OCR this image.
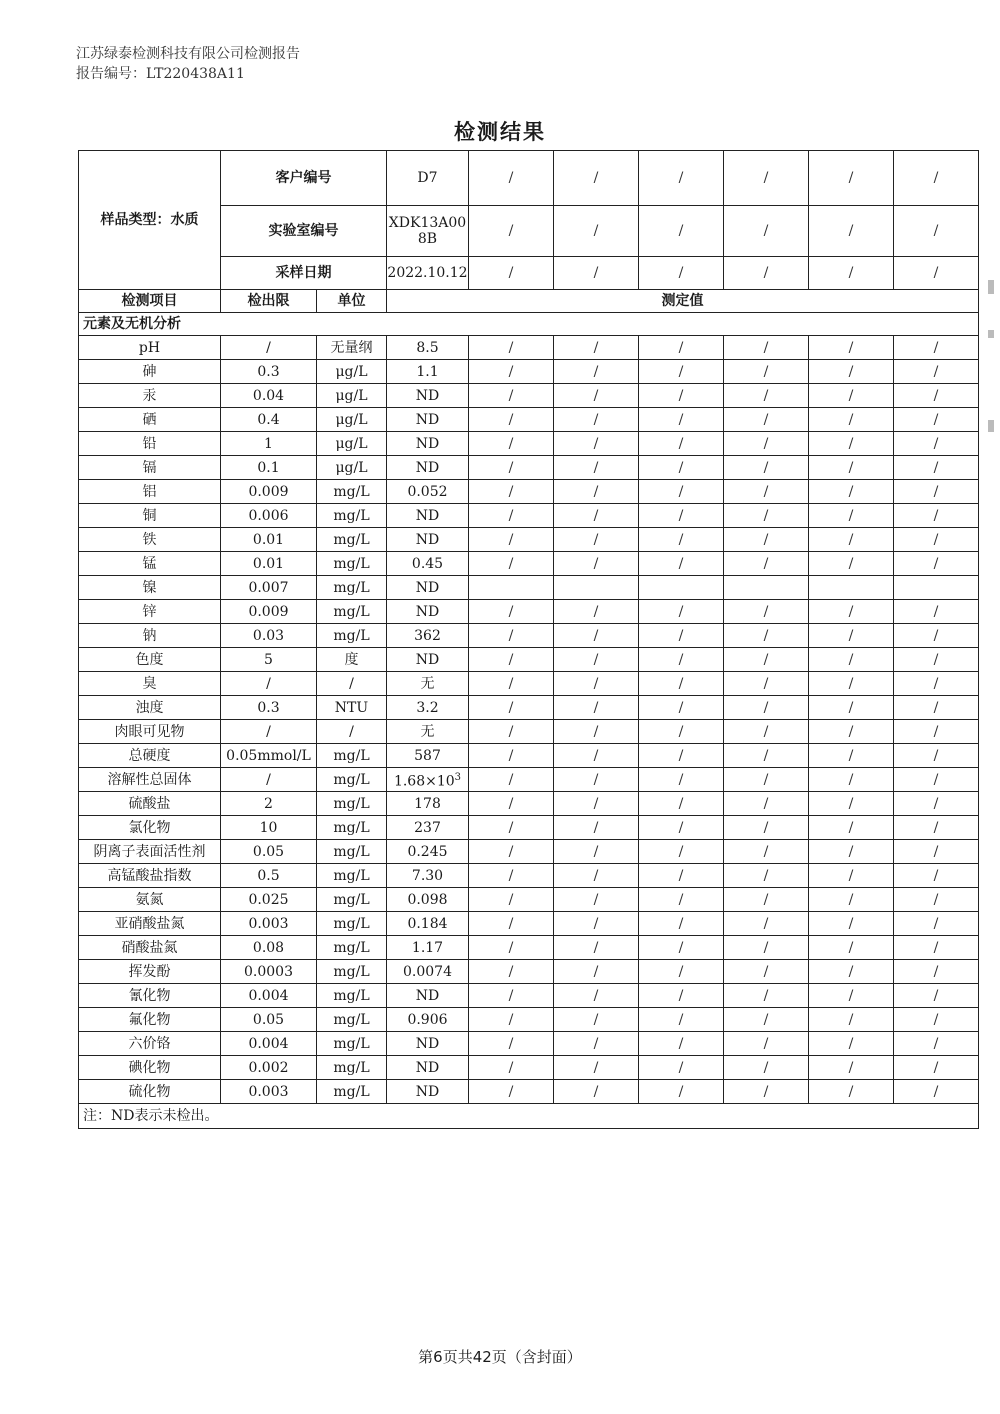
江苏绿泰检测科技有限公司检测报告
报告编号：LT220438A11
检测结果
样品类型：水质	客户编号		D7	/	/	/	/	/	/
	实验室编号		XDK13A008B	/	/	/	/	/	/
	采样日期		2022.10.12	/	/	/	/	/	/
检测项目	检出限	单位	测定值						
元素及无机分析									
pH	/	无量纲	8.5	/	/	/	/	/	/
砷	0.3	μg/L	1.1	/	/	/	/	/	/
汞	0.04	μg/L	ND	/	/	/	/	/	/
硒	0.4	μg/L	ND	/	/	/	/	/	/
铅	1	μg/L	ND	/	/	/	/	/	/
镉	0.1	μg/L	ND	/	/	/	/	/	/
铝	0.009	mg/L	0.052	/	/	/	/	/	/
铜	0.006	mg/L	ND	/	/	/	/	/	/
铁	0.01	mg/L	ND	/	/	/	/	/	/
锰	0.01	mg/L	0.45	/	/	/	/	/	/
镍	0.007	mg/L	ND						
锌	0.009	mg/L	ND	/	/	/	/	/	/
钠	0.03	mg/L	362	/	/	/	/	/	/
色度	5	度	ND	/	/	/	/	/	/
臭	/	/	无	/	/	/	/	/	/
浊度	0.3	NTU	3.2	/	/	/	/	/	/
肉眼可见物	/	/	无	/	/	/	/	/	/
总硬度	0.05mmol/L	mg/L	587	/	/	/	/	/	/
溶解性总固体	/	mg/L	$1.68\times 10^3$	/	/	/	/	/	/
硫酸盐	2	mg/L	178	/	/	/	/	/	/
氯化物	10	mg/L	237	/	/	/	/	/	/
阴离子表面活性剂	0.05	mg/L	0.245	/	/	/	/	/	/
高锰酸盐指数	0.5	mg/L	7.30	/	/	/	/	/	/
氨氮	0.025	mg/L	0.098	/	/	/	/	/	/
亚硝酸盐氮	0.003	mg/L	0.184	/	/	/	/	/	/
硝酸盐氮	0.08	mg/L	1.17	/	/	/	/	/	/
挥发酚	0.0003	mg/L	0.0074	/	/	/	/	/	/
氰化物	0.004	mg/L	ND	/	/	/	/	/	/
氟化物	0.05	mg/L	0.906	/	/	/	/	/	/
六价铬	0.004	mg/L	ND	/	/	/	/	/	/
碘化物	0.002	mg/L	ND	/	/	/	/	/	/
硫化物	0.003	mg/L	ND	/	/	/	/	/	/
注：ND表示未检出。									
第6页共42页（含封面）
